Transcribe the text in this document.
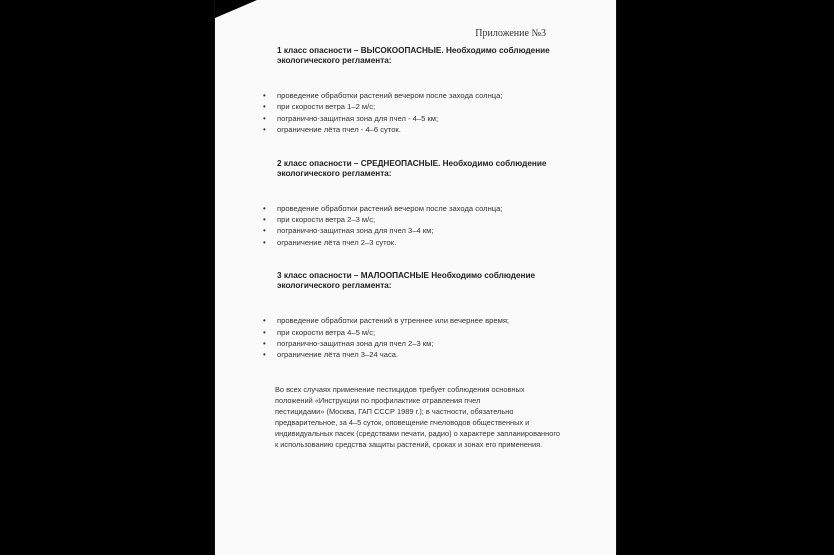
Приложение №3

1 класс опасности – ВЫСОКООПАСНЫЕ. Необходимо соблюдение экологического регламента:

• проведение обработки растений вечером после захода солнца;
• при скорости ветра 1–2 м/с;
• погранично-защитная зона для пчел - 4–5 км;
• ограничение лёта пчел - 4–6 суток.

2 класс опасности – СРЕДНЕОПАСНЫЕ. Необходимо соблюдение экологического регламента:

• проведение обработки растений вечером после захода солнца;
• при скорости ветра 2–3 м/с;
• погранично-защитная зона для пчел 3–4 км;
• ограничение лёта пчел 2–3 суток.

3 класс опасности – МАЛООПАСНЫЕ Необходимо соблюдение экологического регламента:

• проведение обработки растений в утреннее или вечернее время;
• при скорости ветра 4–5 м/с;
• погранично-защитная зона для пчел 2–3 км;
• ограничение лёта пчел 3–24 часа.

Во всех случаях применение пестицидов требует соблюдения основных
положений «Инструкции по профилактике отравления пчел
пестицидами» (Москва, ГАП СССР 1989 г.); в частности, обязательно
предварительное, за 4–5 суток, оповещение пчеловодов общественных и
индивидуальных пасек (средствами печати, радио) о характере запланированного
к использованию средства защиты растений, сроках и зонах его применения.
